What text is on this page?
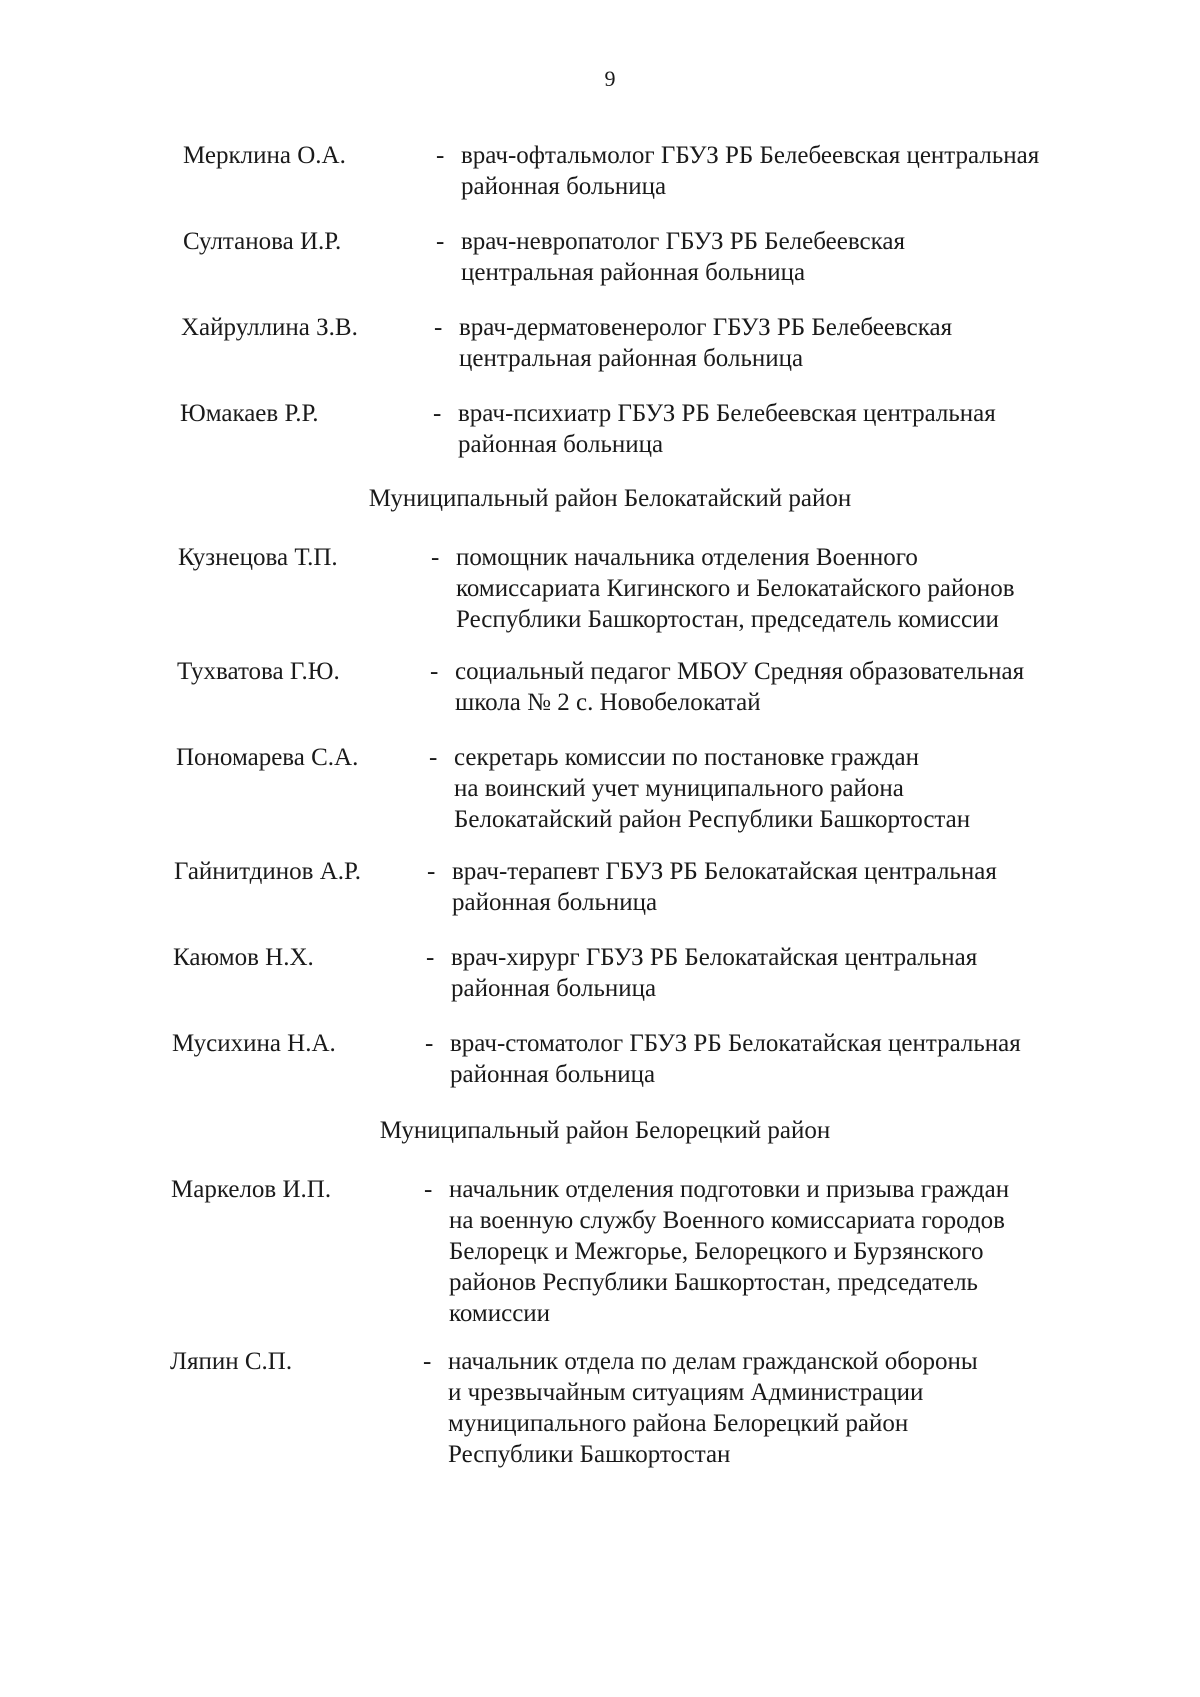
9
Мерклина О.А.	- врач-офтальмолог ГБУЗ РБ Белебеевская центральная
районная больница
Султанова И.Р.	- врач-невропатолог ГБУЗ РБ Белебеевская
центральная районная больница
Хайруллина З.В.	- врач-дерматовенеролог ГБУЗ РБ Белебеевская
центральная районная больница
Юмакаев Р.Р.	- врач-психиатр ГБУЗ РБ Белебеевская центральная
районная больница
Муниципальный район Белокатайский район
Кузнецова Т.П.	- помощник начальника отделения Военного
комиссариата Кигинского и Белокатайского районов
Республики Башкортостан, председатель комиссии
Тухватова Г.Ю.	- социальный педагог МБОУ Средняя образовательная
школа № 2 с. Новобелокатай
Пономарева С.А.	- секретарь комиссии по постановке граждан
на воинский учет муниципального района
Белокатайский район Республики Башкортостан
Гайнитдинов А.Р.	- врач-терапевт ГБУЗ РБ Белокатайская центральная
районная больница
Каюмов Н.Х.	- врач-хирург ГБУЗ РБ Белокатайская центральная
районная больница
Мусихина Н.А.	- врач-стоматолог ГБУЗ РБ Белокатайская центральная
районная больница
Муниципальный район Белорецкий район
Маркелов И.П.	- начальник отделения подготовки и призыва граждан
на военную службу Военного комиссариата городов
Белорецк и Межгорье, Белорецкого и Бурзянского
районов Республики Башкортостан, председатель
комиссии
Ляпин С.П.	- начальник отдела по делам гражданской обороны
и чрезвычайным ситуациям Администрации
муниципального района Белорецкий район
Республики Башкортостан
